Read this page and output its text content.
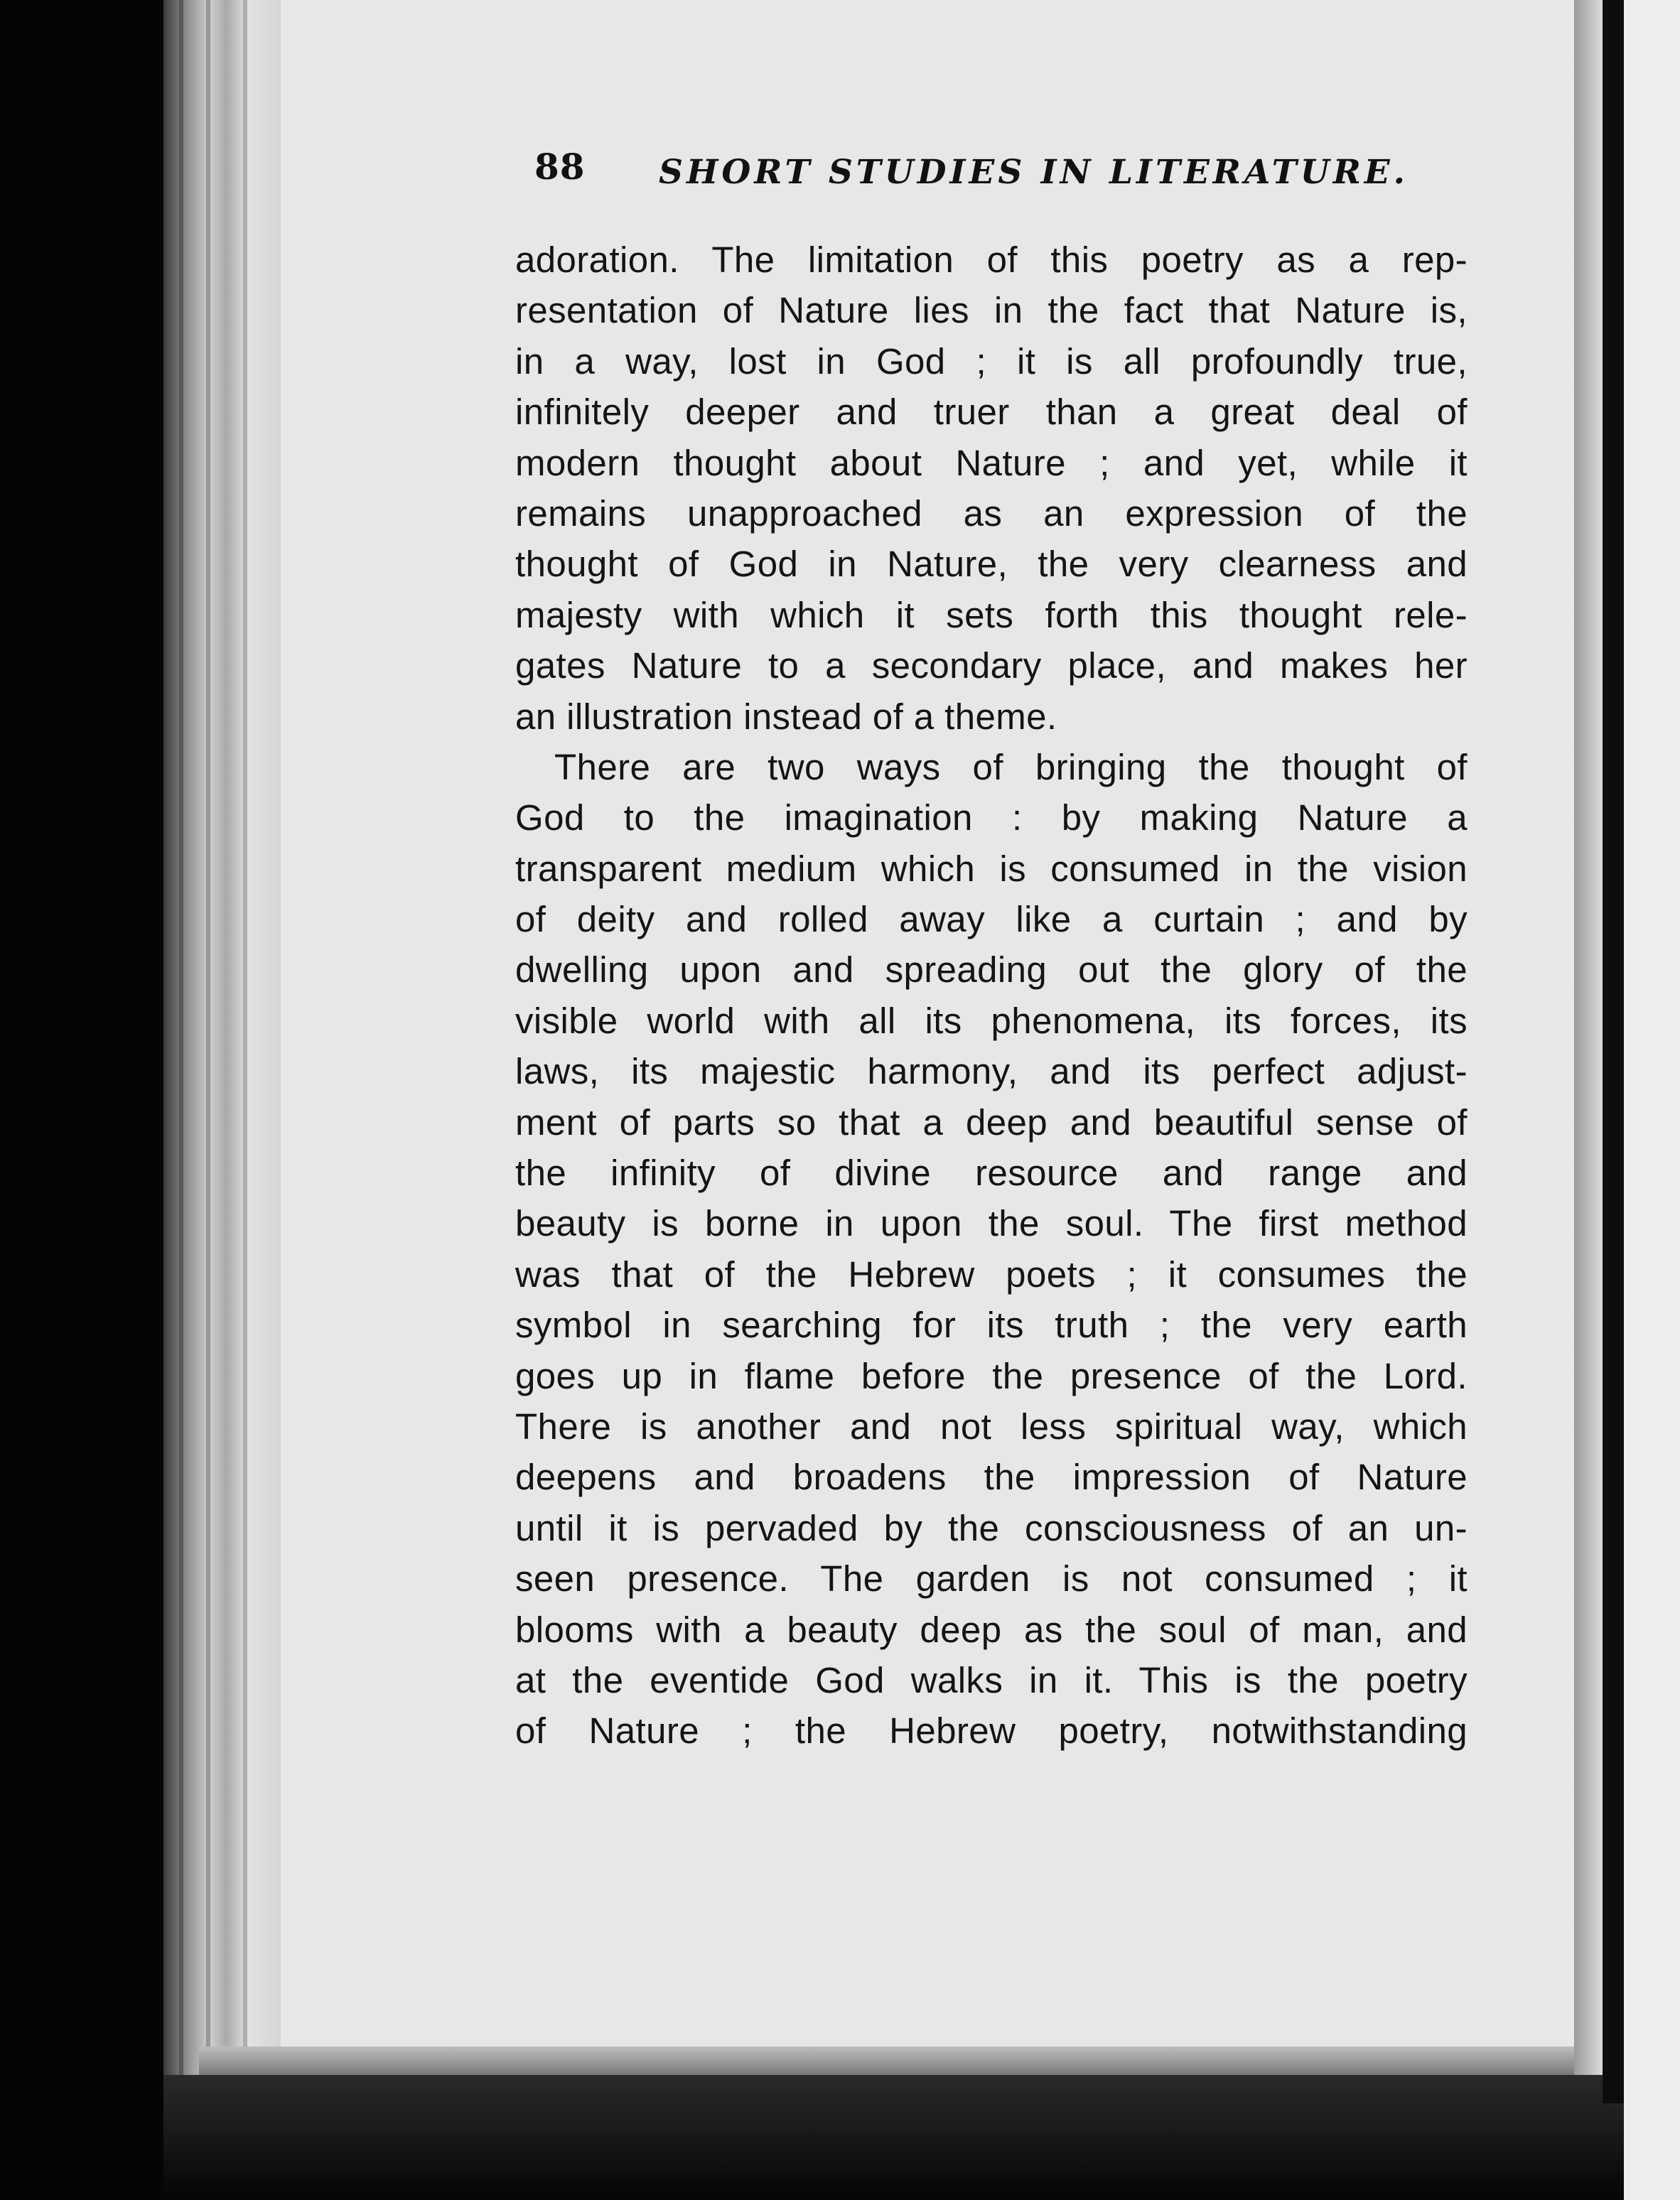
88 SHORT STUDIES IN LITERATURE.
adoration. The limitation of this poetry as a rep-
resentation of Nature lies in the fact that Nature is,
in a way, lost in God ; it is all profoundly true,
infinitely deeper and truer than a great deal of
modern thought about Nature ; and yet, while it
remains unapproached as an expression of the
thought of God in Nature, the very clearness and
majesty with which it sets forth this thought rele-
gates Nature to a secondary place, and makes her
an illustration instead of a theme.
There are two ways of bringing the thought of
God to the imagination : by making Nature a
transparent medium which is consumed in the vision
of deity and rolled away like a curtain ; and by
dwelling upon and spreading out the glory of the
visible world with all its phenomena, its forces, its
laws, its majestic harmony, and its perfect adjust-
ment of parts so that a deep and beautiful sense of
the infinity of divine resource and range and
beauty is borne in upon the soul. The first method
was that of the Hebrew poets ; it consumes the
symbol in searching for its truth ; the very earth
goes up in flame before the presence of the Lord.
There is another and not less spiritual way, which
deepens and broadens the impression of Nature
until it is pervaded by the consciousness of an un-
seen presence. The garden is not consumed ; it
blooms with a beauty deep as the soul of man, and
at the eventide God walks in it. This is the poetry
of Nature ; the Hebrew poetry, notwithstanding
